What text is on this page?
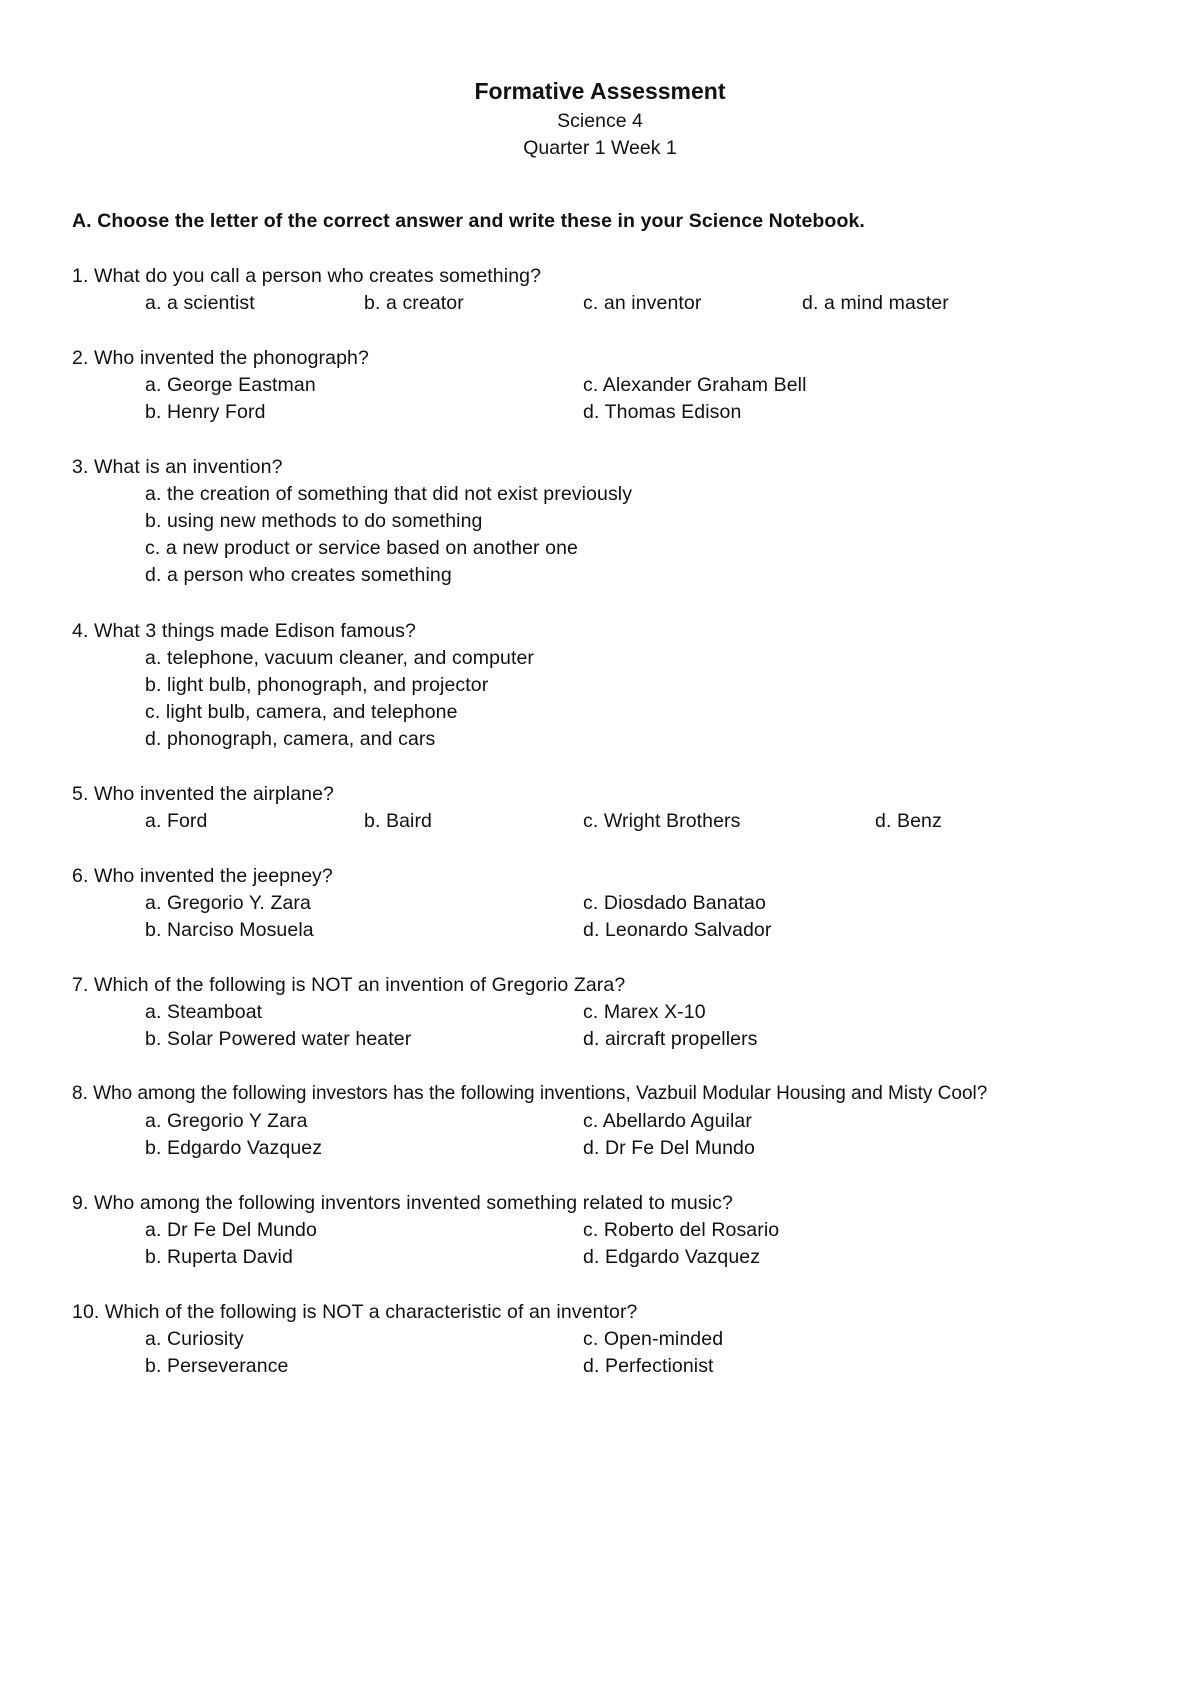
Formative Assessment
Science 4
Quarter 1 Week 1
A. Choose the letter of the correct answer and write these in your Science Notebook.
1. What do you call a person who creates something?
a. a scientist	b. a creator	c. an inventor	d. a mind master
2. Who invented the phonograph?
a. George Eastman
b. Henry Ford
c. Alexander Graham Bell
d. Thomas Edison
3. What is an invention?
a. the creation of something that did not exist previously
b. using new methods to do something
c. a new product or service based on another one
d. a person who creates something
4. What 3 things made Edison famous?
a. telephone, vacuum cleaner, and computer
b. light bulb, phonograph, and projector
c. light bulb, camera, and telephone
d. phonograph, camera, and cars
5. Who invented the airplane?
a. Ford	b. Baird	c. Wright Brothers	d. Benz
6. Who invented the jeepney?
a. Gregorio Y. Zara
b. Narciso Mosuela
c. Diosdado Banatao
d. Leonardo Salvador
7. Which of the following is NOT an invention of Gregorio Zara?
a. Steamboat
b. Solar Powered water heater
c. Marex X-10
d. aircraft propellers
8. Who among the following investors has the following inventions, Vazbuil Modular Housing and Misty Cool?
a. Gregorio Y Zara
b. Edgardo Vazquez
c. Abellardo Aguilar
d. Dr Fe Del Mundo
9. Who among the following inventors invented something related to music?
a. Dr Fe Del Mundo
b. Ruperta David
c. Roberto del Rosario
d. Edgardo Vazquez
10. Which of the following is NOT a characteristic of an inventor?
a. Curiosity
b. Perseverance
c. Open-minded
d. Perfectionist
